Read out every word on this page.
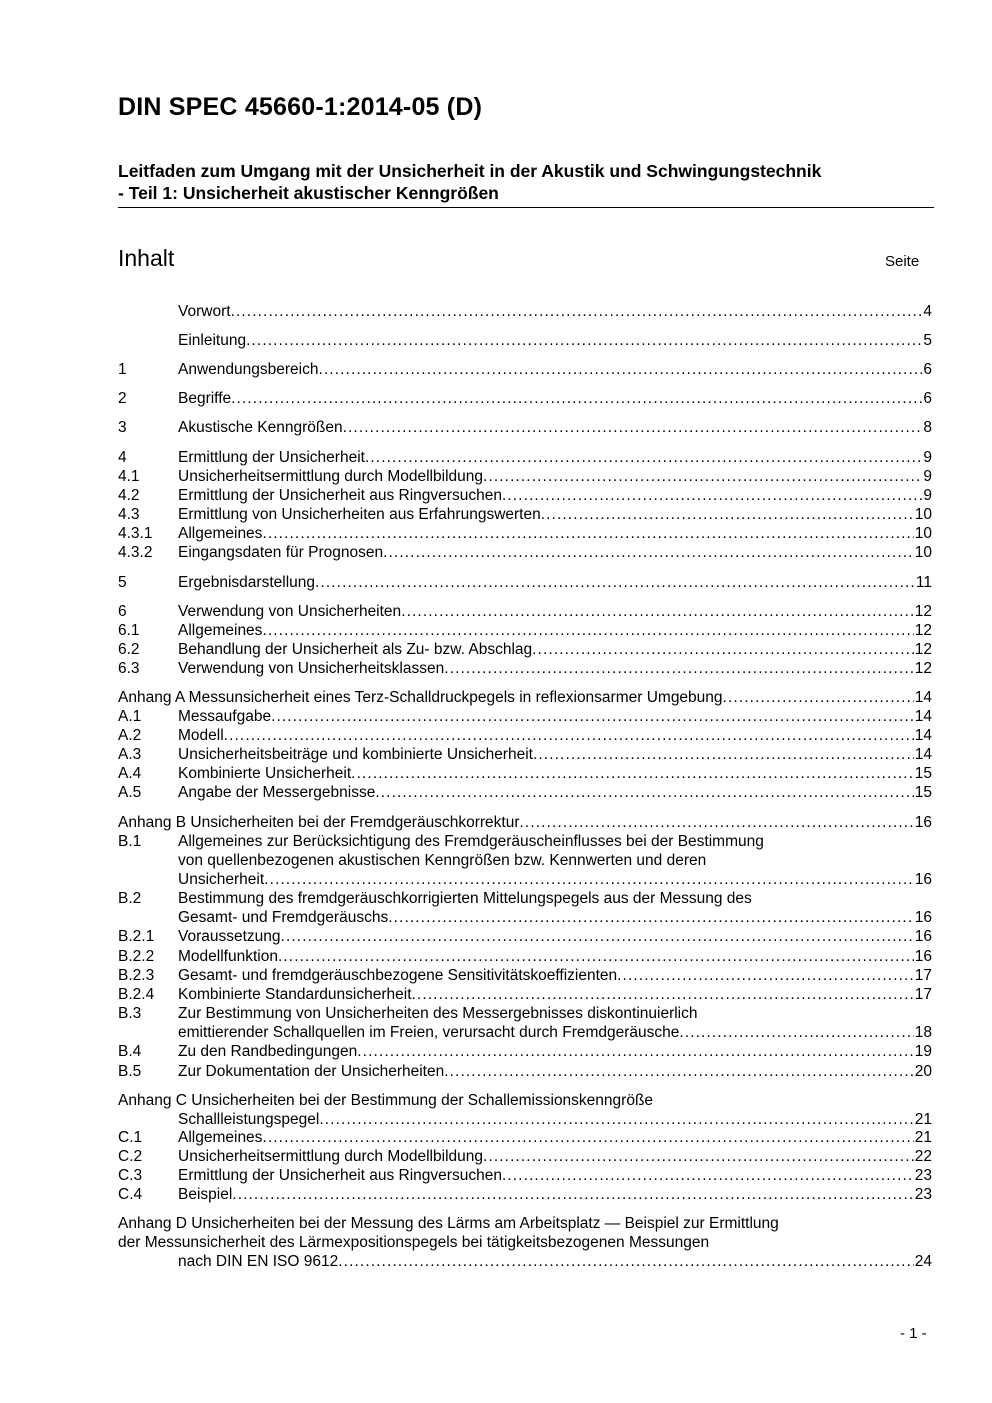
DIN SPEC 45660-1:2014-05 (D)
Leitfaden zum Umgang mit der Unsicherheit in der Akustik und Schwingungstechnik
- Teil 1: Unsicherheit akustischer Kenngrößen
Inhalt	Seite
Vorwort . . .	4
Einleitung . . .	5
1	Anwendungsbereich . . .	6
2	Begriffe . . .	6
3	Akustische Kenngrößen . . .	8
4	Ermittlung der Unsicherheit . . .	9
4.1 Unsicherheitsermittlung durch Modellbildung . . .	9
4.2 Ermittlung der Unsicherheit aus Ringversuchen . . .	9
4.3 Ermittlung von Unsicherheiten aus Erfahrungswerten . . .	10
4.3.1 Allgemeines . . .	10
4.3.2 Eingangsdaten für Prognosen . . .	10
5	Ergebnisdarstellung . . .	11
6	Verwendung von Unsicherheiten . . .	12
6.1 Allgemeines . . .	12
6.2 Behandlung der Unsicherheit als Zu- bzw. Abschlag . . .	12
6.3 Verwendung von Unsicherheitsklassen . . .	12
Anhang A Messunsicherheit eines Terz-Schalldruckpegels in reflexionsarmer Umgebung . . .	14
A.1 Messaufgabe . . .	14
A.2 Modell . . .	14
A.3 Unsicherheitsbeiträge und kombinierte Unsicherheit . . .	14
A.4 Kombinierte Unsicherheit . . .	15
A.5 Angabe der Messergebnisse . . .	15
Anhang B Unsicherheiten bei der Fremdgeräuschkorrektur . . .	16
B.1 Allgemeines zur Berücksichtigung des Fremdgeräuscheinflusses bei der Bestimmung
von quellenbezogenen akustischen Kenngrößen bzw. Kennwerten und deren
Unsicherheit . . .	16
B.2 Bestimmung des fremdgeräuschkorrigierten Mittelungspegels aus der Messung des
Gesamt- und Fremdgeräuschs . . .	16
B.2.1 Voraussetzung . . .	16
B.2.2 Modellfunktion . . .	16
B.2.3 Gesamt- und fremdgeräuschbezogene Sensitivitätskoeffizienten . . .	17
B.2.4 Kombinierte Standardunsicherheit . . .	17
B.3 Zur Bestimmung von Unsicherheiten des Messergebnisses diskontinuierlich
emittierender Schallquellen im Freien, verursacht durch Fremdgeräusche . . .	18
B.4 Zu den Randbedingungen . . .	19
B.5 Zur Dokumentation der Unsicherheiten . . .	20
Anhang C Unsicherheiten bei der Bestimmung der Schallemissionskenngröße
Schallleistungspegel . . .	21
C.1 Allgemeines . . .	21
C.2 Unsicherheitsermittlung durch Modellbildung . . .	22
C.3 Ermittlung der Unsicherheit aus Ringversuchen . . .	23
C.4 Beispiel . . .	23
Anhang D Unsicherheiten bei der Messung des Lärms am Arbeitsplatz — Beispiel zur Ermittlung
der Messunsicherheit des Lärmexpositionspegels bei tätigkeitsbezogenen Messungen
nach DIN EN ISO 9612 . . .	24
- 1 -
